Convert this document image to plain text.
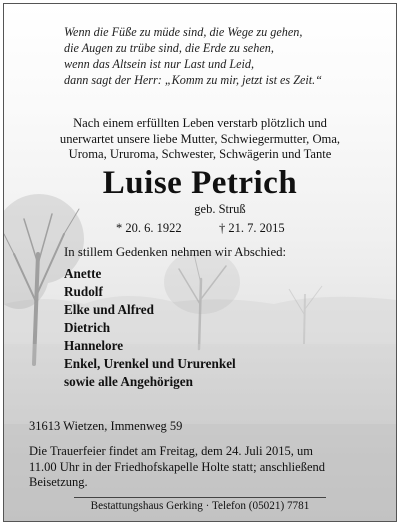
Wenn die Füße zu müde sind, die Wege zu gehen,
die Augen zu trübe sind, die Erde zu sehen,
wenn das Altsein ist nur Last und Leid,
dann sagt der Herr: „Komm zu mir, jetzt ist es Zeit.“
Nach einem erfüllten Leben verstarb plötzlich und
unerwartet unsere liebe Mutter, Schwiegermutter, Oma,
Uroma, Ururoma, Schwester, Schwägerin und Tante
Luise Petrich
geb. Struß
* 20. 6. 1922	† 21. 7. 2015
In stillem Gedenken nehmen wir Abschied:
Anette
Rudolf
Elke und Alfred
Dietrich
Hannelore
Enkel, Urenkel und Ururenkel
sowie alle Angehörigen
31613 Wietzen, Immenweg 59
Die Trauerfeier findet am Freitag, dem 24. Juli 2015, um
11.00 Uhr in der Friedhofskapelle Holte statt; anschließend
Beisetzung.
Bestattungshaus Gerking · Telefon (05021) 7781
